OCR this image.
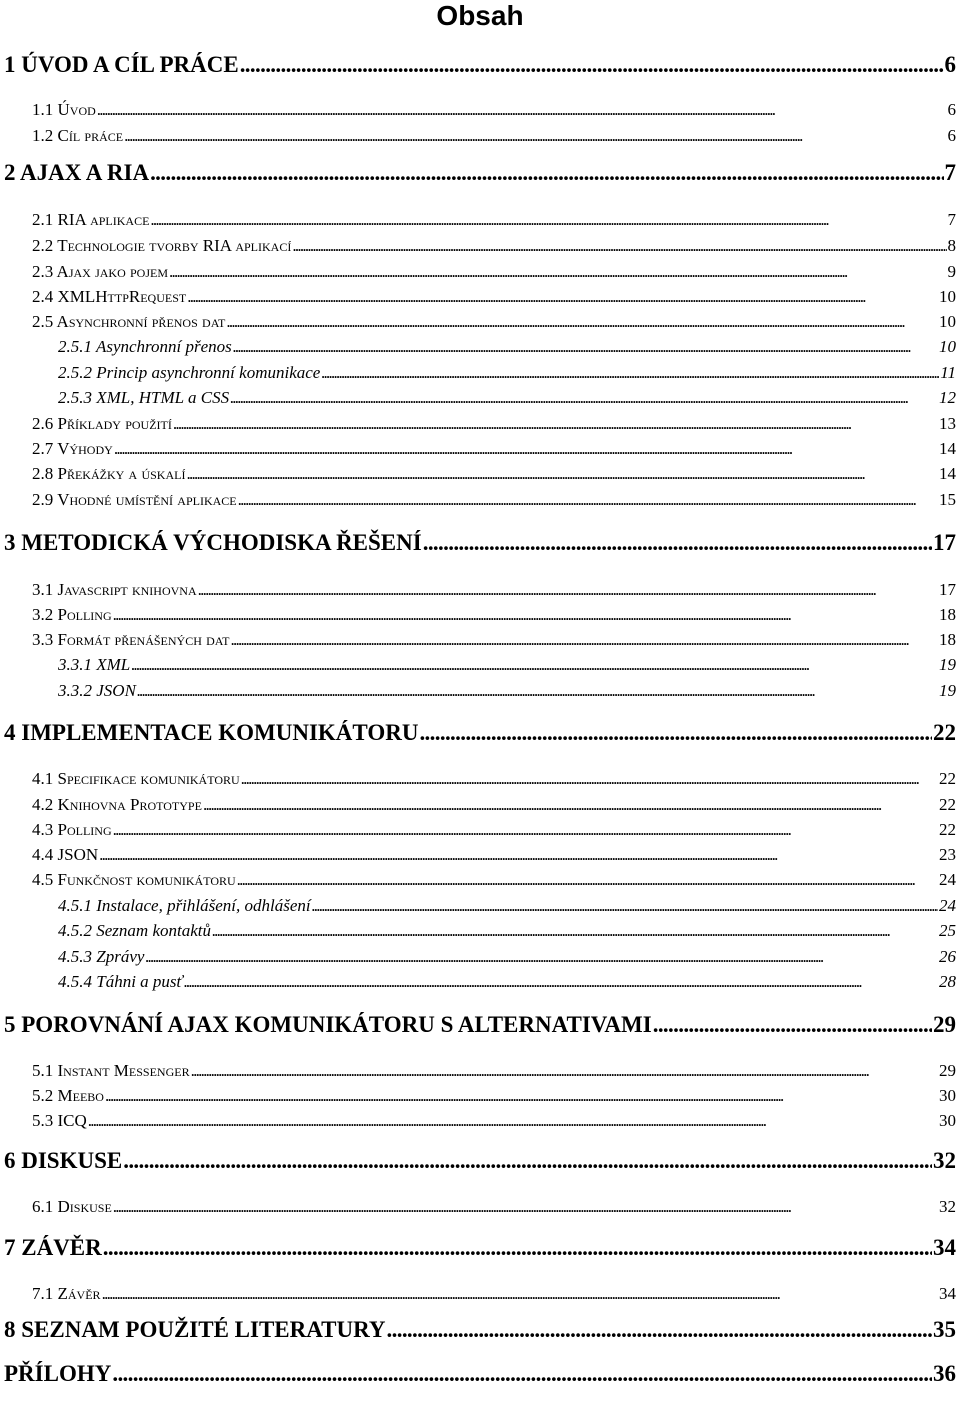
Obsah
1 ÚVOD A CÍL PRÁCE . . .	6
1.1 Úvod . . .	6
1.2 Cíl práce . . .	6
2 AJAX A RIA . . .	7
2.1 RIA aplikace . . .	7
2.2 Technologie tvorby RIA aplikací . . .	8
2.3 Ajax jako pojem . . .	9
2.4 XMLHttpRequest . . .	10
2.5 Asynchronní přenos dat . . .	10
2.5.1 Asynchronní přenos . . .	10
2.5.2 Princip asynchronní komunikace . . .	11
2.5.3 XML, HTML a CSS . . .	12
2.6 Příklady použití . . .	13
2.7 Výhody . . .	14
2.8 Překážky a úskalí . . .	14
2.9 Vhodné umístění aplikace . . .	15
3 METODICKÁ VÝCHODISKA ŘEŠENÍ . . .	17
3.1 Javascript knihovna . . .	17
3.2 Polling . . .	18
3.3 Formát přenášených dat . . .	18
3.3.1 XML . . .	19
3.3.2 JSON . . .	19
4 IMPLEMENTACE KOMUNIKÁTORU . . .	22
4.1 Specifikace komunikátoru . . .	22
4.2 Knihovna Prototype . . .	22
4.3 Polling . . .	22
4.4 JSON . . .	23
4.5 Funkčnost komunikátoru . . .	24
4.5.1 Instalace, přihlášení, odhlášení . . .	24
4.5.2 Seznam kontaktů . . .	25
4.5.3 Zprávy . . .	26
4.5.4 Táhni a pusť . . .	28
5 POROVNÁNÍ AJAX KOMUNIKÁTORU S ALTERNATIVAMI . . .	29
5.1 Instant Messenger . . .	29
5.2 Meebo . . .	30
5.3 ICQ . . .	30
6 DISKUSE . . .	32
6.1 Diskuse . . .	32
7 ZÁVĚR . . .	34
7.1 Závěr . . .	34
8 SEZNAM POUŽITÉ LITERATURY . . .	35
PŘÍLOHY . . .	36
